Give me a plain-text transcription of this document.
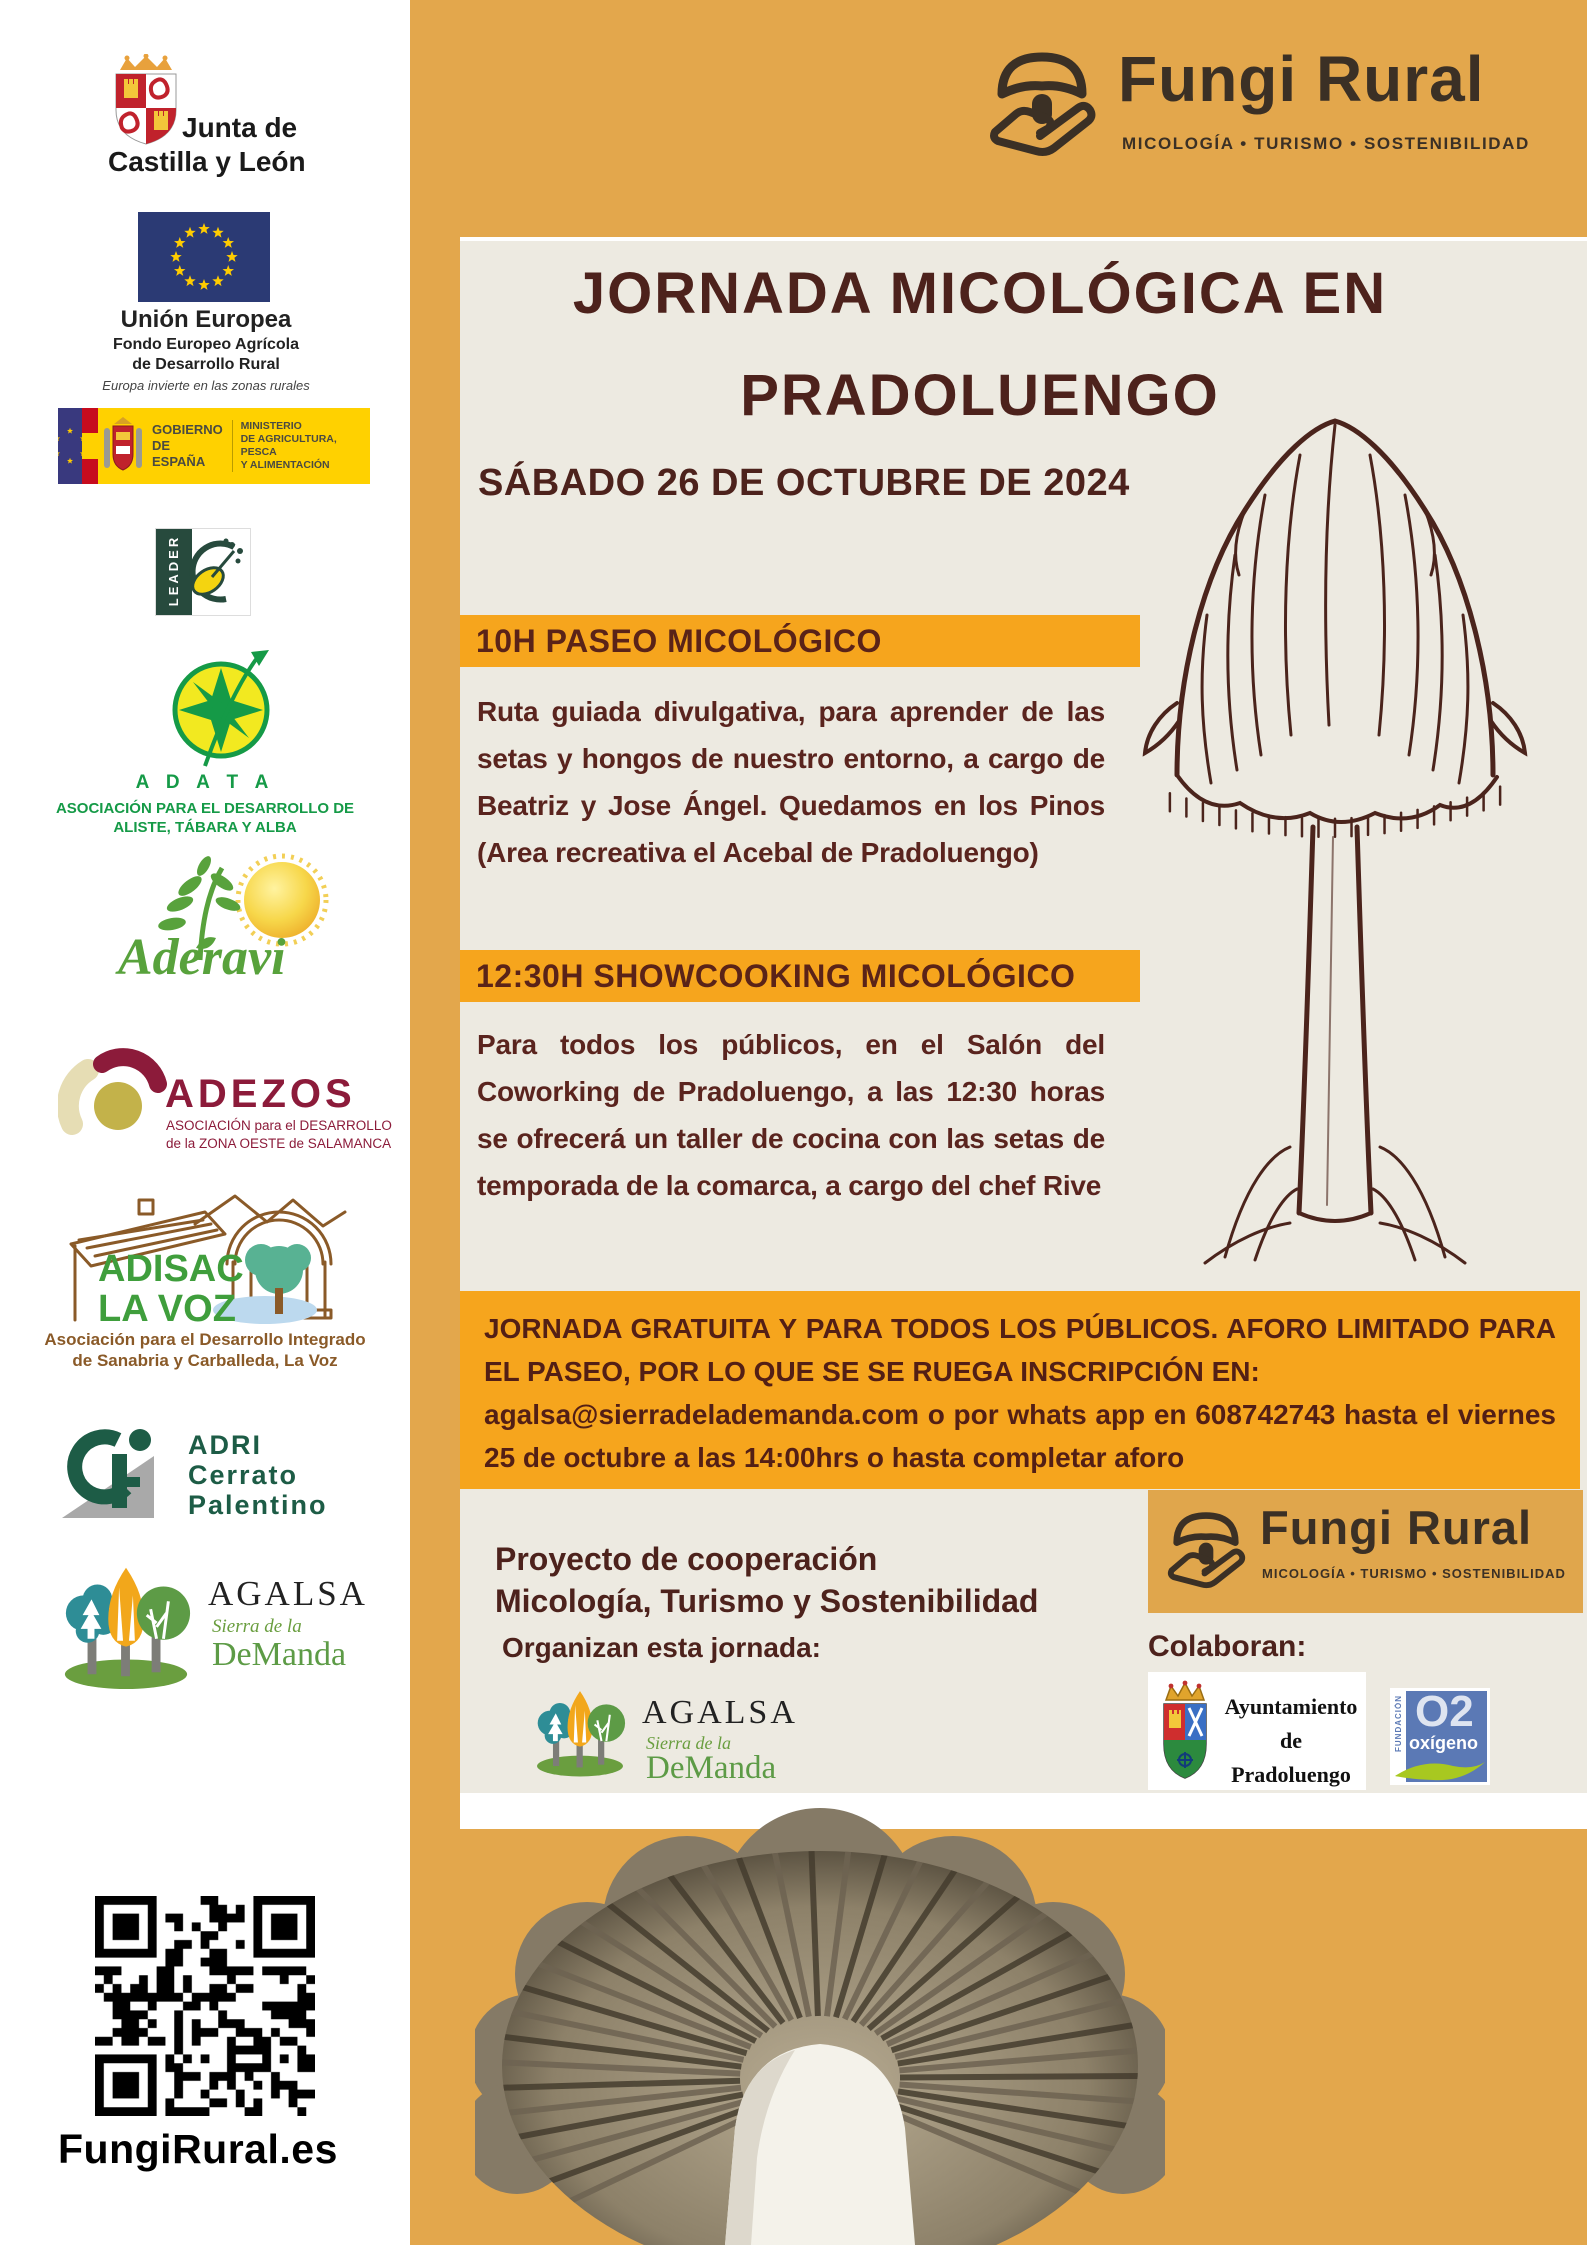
Fungi Rural
MICOLOGÍA • TURISMO • SOSTENIBILIDAD
JORNADA MICOLÓGICA EN
PRADOLUENGO
SÁBADO 26 DE OCTUBRE DE 2024
10H PASEO MICOLÓGICO
Ruta guiada divulgativa, para aprender de las setas y hongos de nuestro entorno, a cargo de Beatriz y Jose Ángel. Quedamos en los Pinos (Area recreativa el Acebal de Pradoluengo)
12:30H SHOWCOOKING MICOLÓGICO
Para todos los públicos, en el Salón del Coworking de Pradoluengo, a las 12:30 horas se ofrecerá un taller de cocina con las setas de temporada de la comarca, a cargo del chef Rive

JORNADA GRATUITA Y PARA TODOS LOS PÚBLICOS. AFORO LIMITADO PARA EL PASEO, POR LO QUE SE SE RUEGA INSCRIPCIÓN EN:

agalsa@sierradelademanda.com o por whats app en 608742743 hasta el viernes 25 de octubre a las 14:00hrs o hasta completar aforo

Proyecto de cooperación
Micología, Turismo y Sostenibilidad
Organizan esta jornada:
AGALSA
Sierra de la
DeManda
Fungi Rural
MICOLOGÍA • TURISMO • SOSTENIBILIDAD
Colaboran:
Ayuntamiento de
Pradoluengo
FUNDACIÓN O2
oxígeno
Junta de
Castilla y León
Unión Europea
Fondo Europeo Agrícola
de Desarrollo Rural
Europa invierte en las zonas rurales
GOBIERNO
DE ESPAÑA
MINISTERIO
DE AGRICULTURA, PESCA
Y ALIMENTACIÓN
LEADER
A D A T A
ASOCIACIÓN PARA EL DESARROLLO DE
ALISTE, TÁBARA Y ALBA
Aderavi
ADEZOS
ASOCIACIÓN para el DESARROLLO
de la ZONA OESTE de SALAMANCA
ADISAC
LA VOZ
Asociación para el Desarrollo Integrado
de Sanabria y Carballeda, La Voz
ADRI
Cerrato
Palentino
AGALSA
Sierra de la
DeManda
FungiRural.es
